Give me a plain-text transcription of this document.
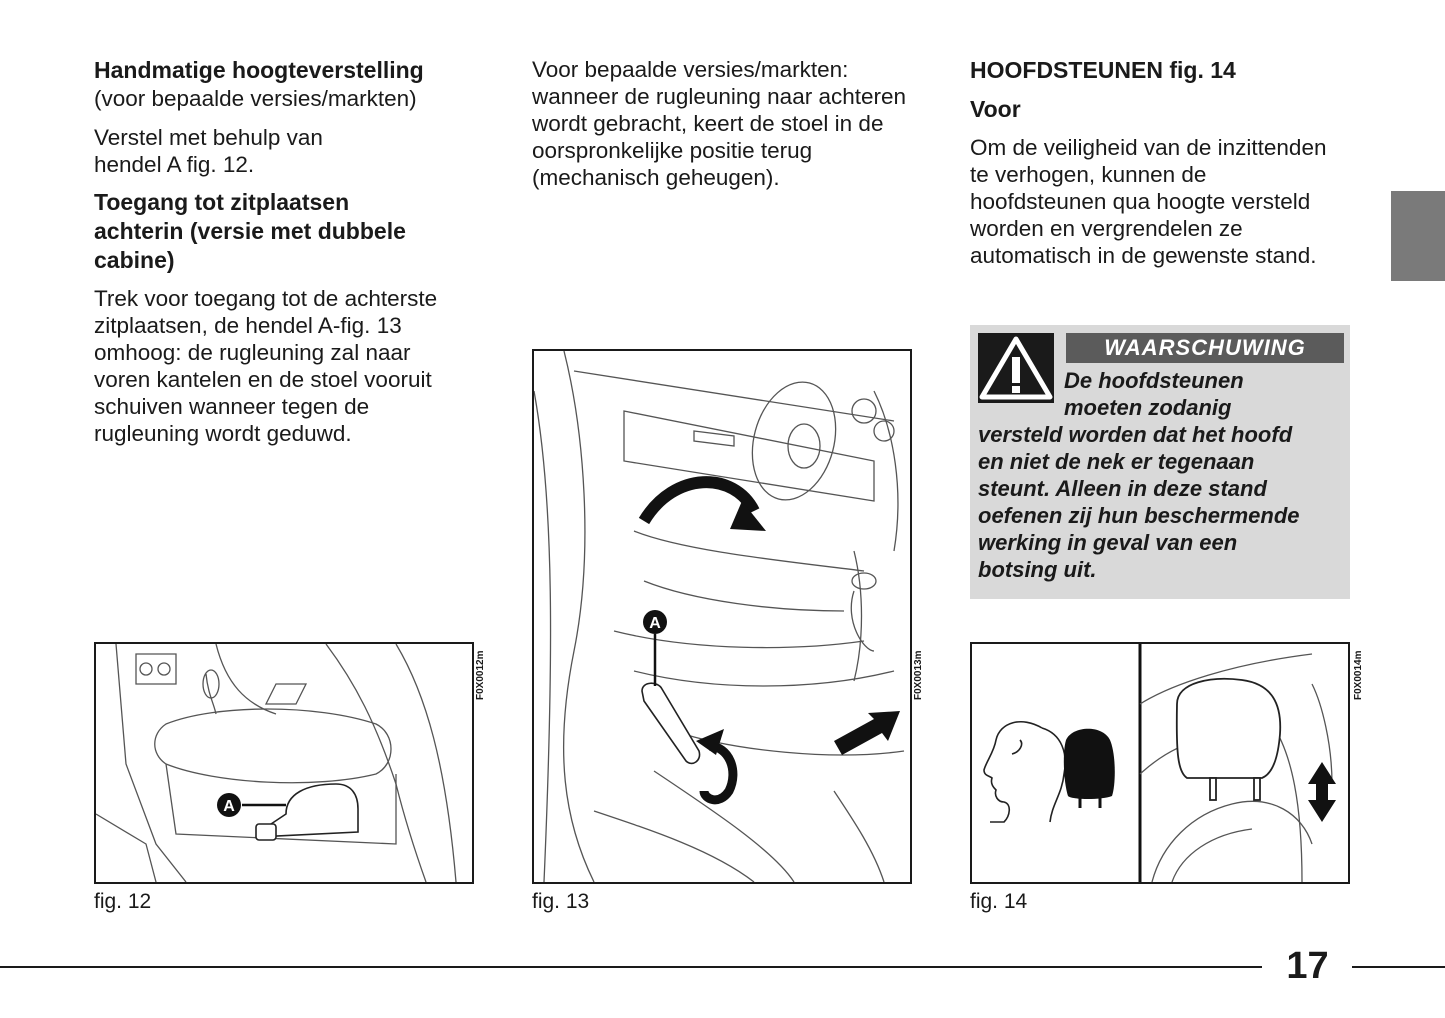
Handmatige hoogteverstelling

(voor bepaalde versies/markten)

Verstel met behulp van

hendel A fig. 12.

Toegang tot zitplaatsen

achterin (versie met dubbele

cabine)

Trek voor toegang tot de achterste

zitplaatsen, de hendel A-fig. 13

omhoog: de rugleuning zal naar

voren kantelen en de stoel vooruit

schuiven wanneer tegen de

rugleuning wordt geduwd.

Voor bepaalde versies/markten:

wanneer de rugleuning naar achteren

wordt gebracht, keert de stoel in de

oorspronkelijke positie terug

(mechanisch geheugen).

HOOFDSTEUNEN fig. 14

Voor

Om de veiligheid van de inzittenden

te verhogen, kunnen de

hoofdsteunen qua hoogte versteld

worden en vergrendelen ze

automatisch in de gewenste stand.

WAARSCHUWING
De hoofdsteunen
moeten zodanig
versteld worden dat het hoofd
en niet de nek er tegenaan
steunt. Alleen in deze stand
oefenen zij hun beschermende
werking in geval van een
botsing uit.
A
F0X0012m
fig. 12
A
F0X0013m
fig. 13
F0X0014m
fig. 14
17
